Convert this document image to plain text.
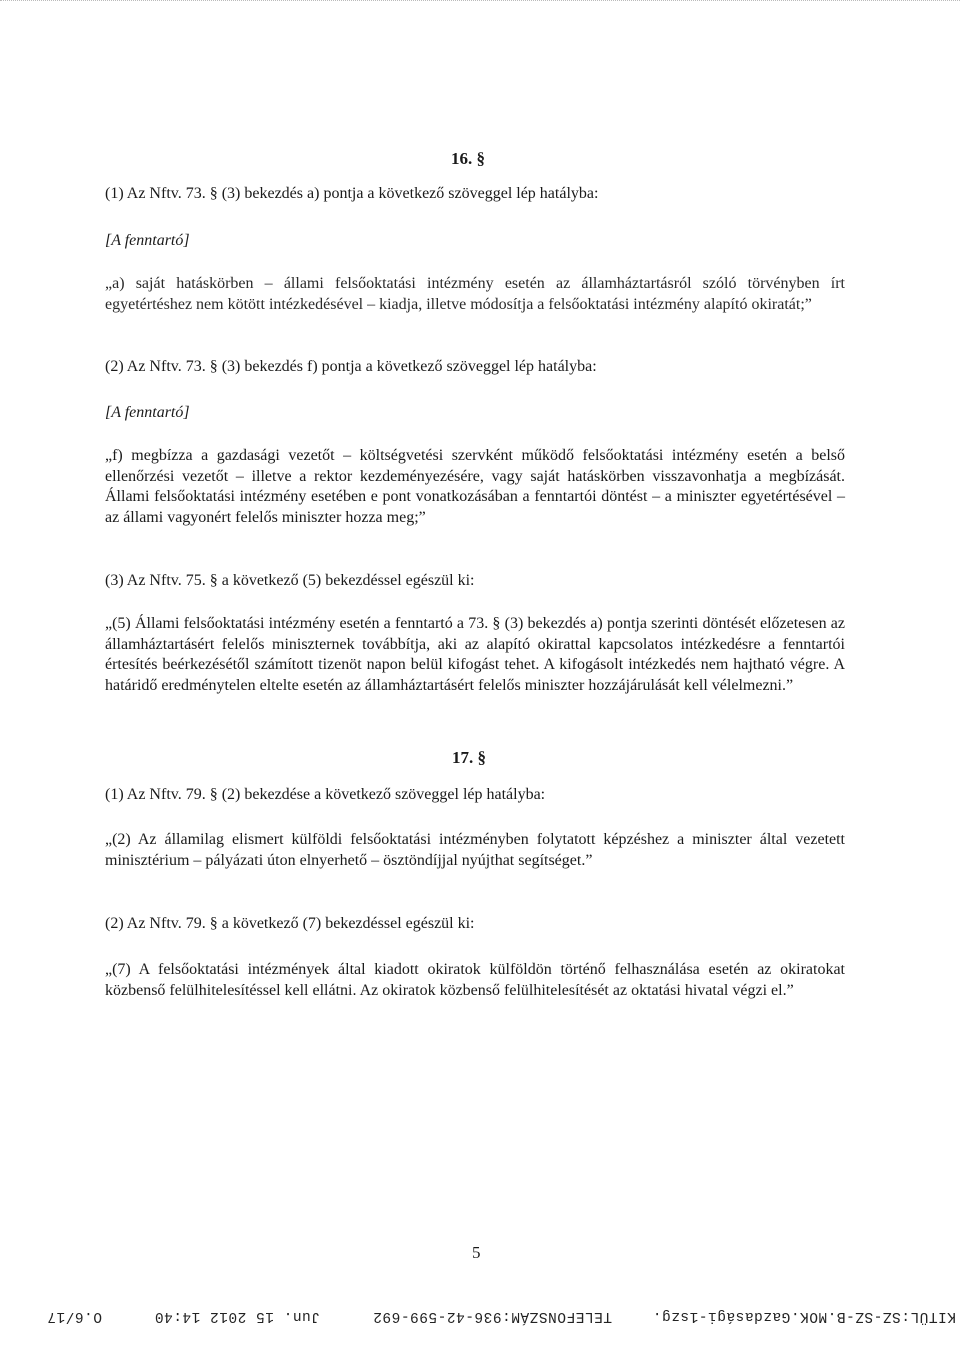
16. §
(1) Az Nftv. 73. § (3) bekezdés a) pontja a következő szöveggel lép hatályba:
[A fenntartó]
„a) saját hatáskörben – állami felsőoktatási intézmény esetén az államháztartásról szóló törvényben írt egyetértéshez nem kötött intézkedésével – kiadja, illetve módosítja a felsőoktatási intézmény alapító okiratát;”
(2) Az Nftv. 73. § (3) bekezdés f) pontja a következő szöveggel lép hatályba:
[A fenntartó]
„f) megbízza a gazdasági vezetőt – költségvetési szervként működő felsőoktatási intézmény esetén a belső ellenőrzési vezetőt – illetve a rektor kezdeményezésére, vagy saját hatáskörben visszavonhatja a megbízását. Állami felsőoktatási intézmény esetében e pont vonatkozásában a fenntartói döntést – a miniszter egyetértésével – az állami vagyonért felelős miniszter hozza meg;”
(3) Az Nftv. 75. § a következő (5) bekezdéssel egészül ki:
„(5) Állami felsőoktatási intézmény esetén a fenntartó a 73. § (3) bekezdés a) pontja szerinti döntését előzetesen az államháztartásért felelős miniszternek továbbítja, aki az alapító okirattal kapcsolatos intézkedésre a fenntartói értesítés beérkezésétől számított tizenöt napon belül kifogást tehet. A kifogásolt intézkedés nem hajtható végre. A határidő eredménytelen eltelte esetén az államháztartásért felelős miniszter hozzájárulását kell vélelmezni.”
17. §
(1) Az Nftv. 79. § (2) bekezdése a következő szöveggel lép hatályba:
„(2) Az államilag elismert külföldi felsőoktatási intézményben folytatott képzéshez a miniszter által vezetett minisztérium – pályázati úton elnyerhető – ösztöndíjjal nyújthat segítséget.”
(2) Az Nftv. 79. § a következő (7) bekezdéssel egészül ki:
„(7) A felsőoktatási intézmények által kiadott okiratok külföldön történő felhasználása esetén az okiratokat közbenső felülhitelesítéssel kell ellátni. Az okiratok közbenső felülhitelesítését az oktatási hivatal végzi el.”
5
KITÜL:SZ-SZ-B.MOK.Gazdasági-1szg.
TELEFONSZÁM:936-42-599-692
Jun. 15 2012 14:40
O.6/17
